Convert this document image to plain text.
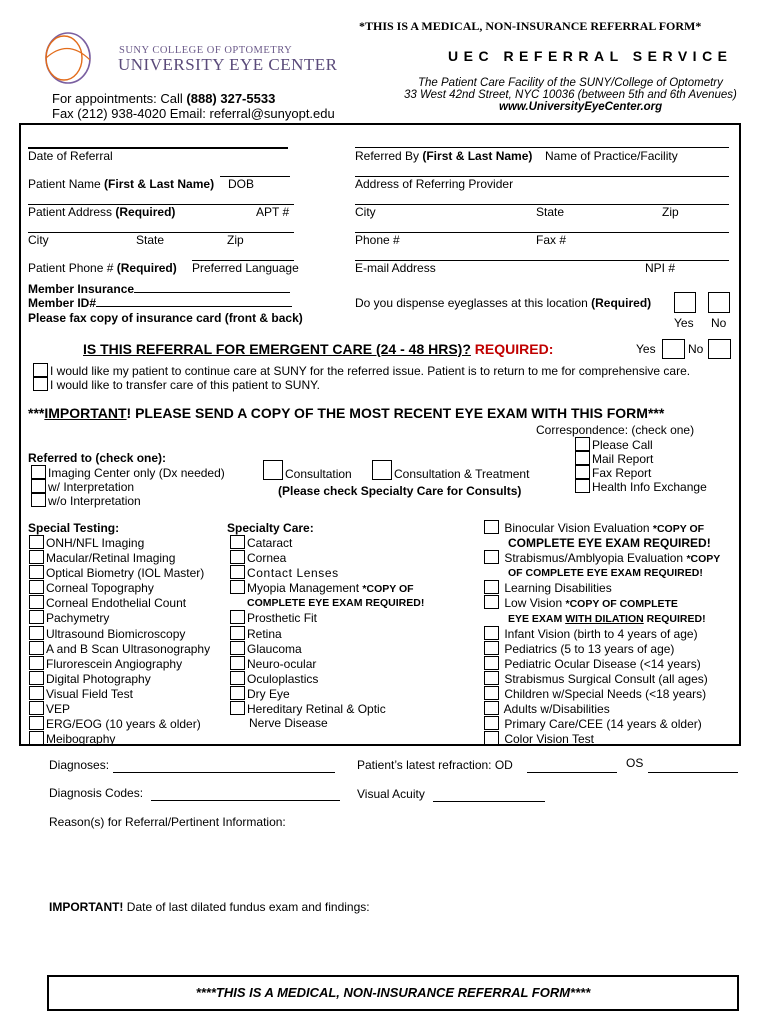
*THIS IS A MEDICAL, NON-INSURANCE REFERRAL FORM*
SUNY COLLEGE OF OPTOMETRY
UNIVERSITY EYE CENTER	UEC REFERRAL SERVICE
The Patient Care Facility of the SUNY/College of Optometry
33 West 42nd Street, NYC 10036 (between 5th and 6th Avenues)
www.UniversityEyeCenter.org
For appointments: Call (888) 327-5533
Fax (212) 938-4020 Email: referral@sunyopt.edu
Date of Referral
Patient Name (First & Last Name) DOB
Patient Address (Required)	APT #
City	State	Zip
Patient Phone # (Required) Preferred Language
Member Insurance
Member ID#
Please fax copy of insurance card (front & back)
Referred By (First & Last Name) Name of Practice/Facility
Address of Referring Provider
City	State	Zip
Phone #	Fax #
E-mail Address	NPI #
Do you dispense eyeglasses at this location (Required)
Yes No
IS THIS REFERRAL FOR EMERGENT CARE (24 - 48 HRS)? REQUIRED:	Yes	No
I would like my patient to continue care at SUNY for the referred issue. Patient is to return to me for comprehensive care.
I would like to transfer care of this patient to SUNY.
***IMPORTANT! PLEASE SEND A COPY OF THE MOST RECENT EYE EXAM WITH THIS FORM***
Correspondence: (check one)
Please Call
Mail Report
Fax Report
Health Info Exchange
Referred to (check one):
Imaging Center only (Dx needed)
w/ Interpretation
w/o Interpretation
Consultation	Consultation & Treatment
(Please check Specialty Care for Consults)
Special Testing:
ONH/NFL Imaging
Macular/Retinal Imaging
Optical Biometry (IOL Master)
Corneal Topography
Corneal Endothelial Count
Pachymetry
Ultrasound Biomicroscopy
A and B Scan Ultrasonography
Flurorescein Angiography
Digital Photography
Visual Field Test
VEP
ERG/EOG (10 years & older)
Meibography
Specialty Care:
Cataract
Cornea
Contact Lenses
Myopia Management *COPY OF
COMPLETE EYE EXAM REQUIRED!
Prosthetic Fit
Retina
Glaucoma
Neuro-ocular
Oculoplastics
Dry Eye
Hereditary Retinal & Optic
Nerve Disease
Binocular Vision Evaluation *COPY OF
COMPLETE EYE EXAM REQUIRED!
Strabismus/Amblyopia Evaluation *COPY
OF COMPLETE EYE EXAM REQUIRED!
Learning Disabilities
Low Vision *COPY OF COMPLETE
EYE EXAM WITH DILATION REQUIRED!
Infant Vision (birth to 4 years of age)
Pediatrics (5 to 13 years of age)
Pediatric Ocular Disease (<14 years)
Strabismus Surgical Consult (all ages)
Children w/Special Needs (<18 years)
Adults w/Disabilities
Primary Care/CEE (14 years & older)
Color Vision Test
Diagnoses:	Patient’s latest refraction: OD	OS
Diagnosis Codes:	Visual Acuity
Reason(s) for Referral/Pertinent Information:
IMPORTANT! Date of last dilated fundus exam and findings:
****THIS IS A MEDICAL, NON-INSURANCE REFERRAL FORM****
